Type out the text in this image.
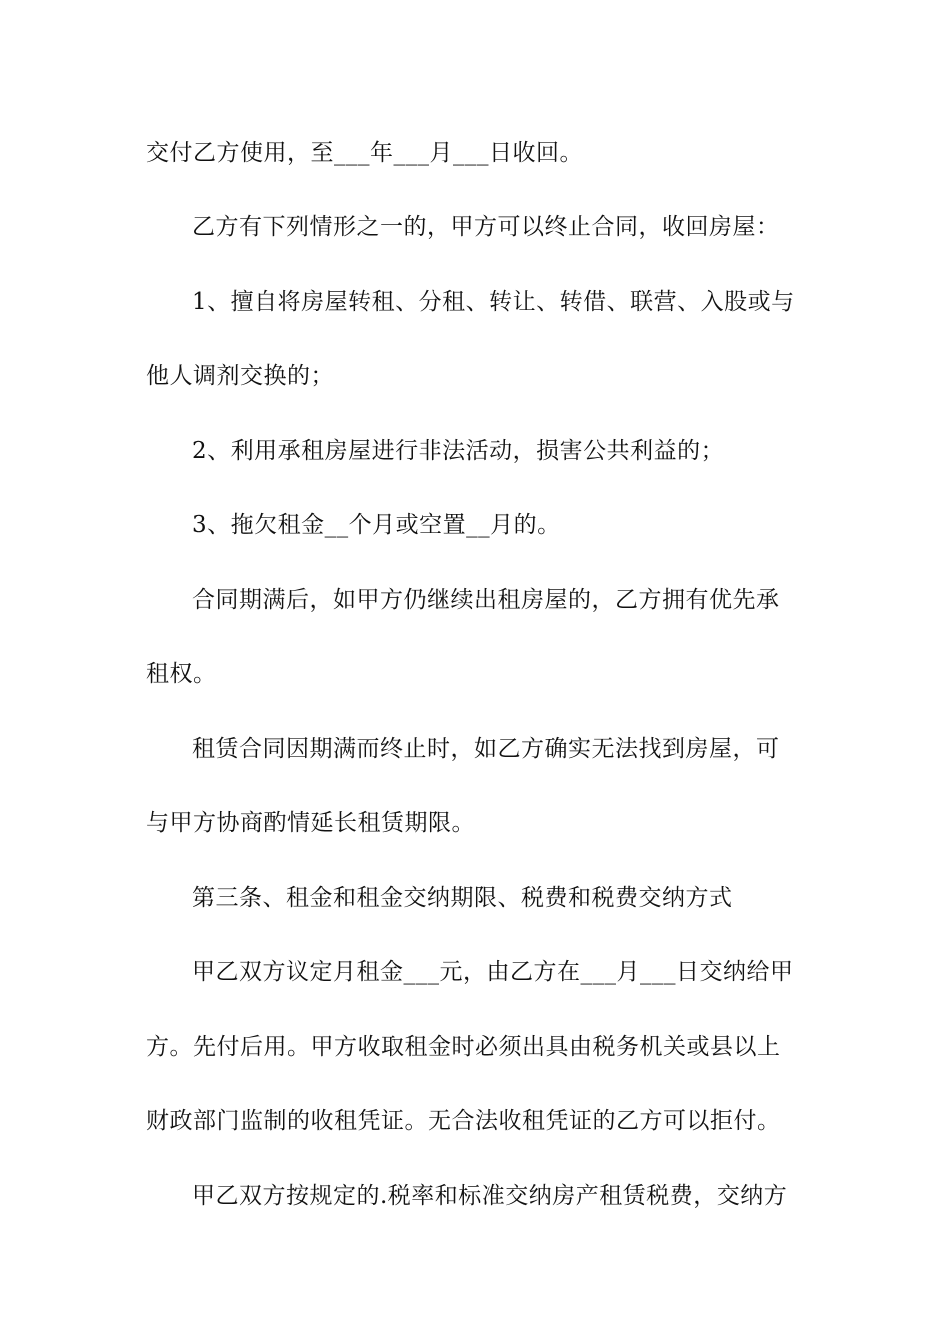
交付乙方使用，至___年___月___日收回。
乙方有下列情形之一的，甲方可以终止合同，收回房屋：
1、擅自将房屋转租、分租、转让、转借、联营、入股或与
他人调剂交换的；
2、利用承租房屋进行非法活动，损害公共利益的；
3、拖欠租金__个月或空置__月的。
合同期满后，如甲方仍继续出租房屋的，乙方拥有优先承
租权。
租赁合同因期满而终止时，如乙方确实无法找到房屋，可
与甲方协商酌情延长租赁期限。
第三条、租金和租金交纳期限、税费和税费交纳方式
甲乙双方议定月租金___元，由乙方在___月___日交纳给甲
方。先付后用。甲方收取租金时必须出具由税务机关或县以上
财政部门监制的收租凭证。无合法收租凭证的乙方可以拒付。
甲乙双方按规定的.税率和标准交纳房产租赁税费，交纳方
